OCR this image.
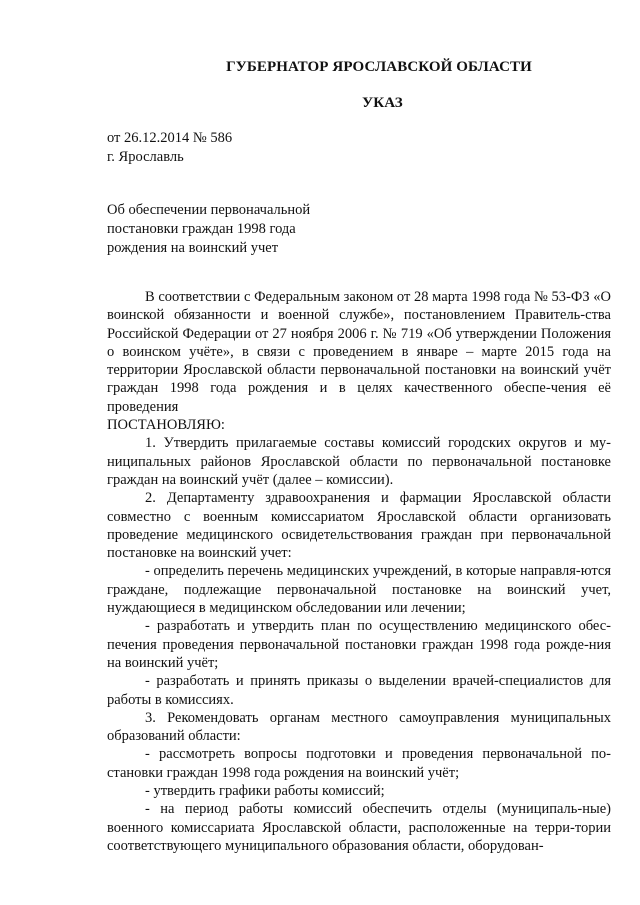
ГУБЕРНАТОР ЯРОСЛАВСКОЙ ОБЛАСТИ
УКАЗ
от 26.12.2014 № 586
г. Ярославль
Об обеспечении первоначальной
постановки граждан 1998 года
рождения на воинский учет

В соответствии с Федеральным законом от 28 марта 1998 года № 53-ФЗ «О воинской обязанности и военной службе», постановлением Правитель-ства Российской Федерации от 27 ноября 2006 г. № 719 «Об утверждении Положения о воинском учёте», в связи с проведением в январе – марте 2015 года на территории Ярославской области первоначальной постановки на воинский учёт граждан 1998 года рождения и в целях качественного обеспе-чения её проведения

ПОСТАНОВЛЯЮ:

1. Утвердить прилагаемые составы комиссий городских округов и му-ниципальных районов Ярославской области по первоначальной постановке граждан на воинский учёт (далее – комиссии).

2. Департаменту здравоохранения и фармации Ярославской области совместно с военным комиссариатом Ярославской области организовать проведение медицинского освидетельствования граждан при первоначальной постановке на воинский учет:

- определить перечень медицинских учреждений, в которые направля-ются граждане, подлежащие первоначальной постановке на воинский учет, нуждающиеся в медицинском обследовании или лечении;

- разработать и утвердить план по осуществлению медицинского обес-печения проведения первоначальной постановки граждан 1998 года рожде-ния на воинский учёт;

- разработать и принять приказы о выделении врачей-специалистов для работы в комиссиях.

3. Рекомендовать органам местного самоуправления муниципальных образований области:

- рассмотреть вопросы подготовки и проведения первоначальной по-становки граждан 1998 года рождения на воинский учёт;

- утвердить графики работы комиссий;

- на период работы комиссий обеспечить отделы (муниципаль-ные) военного комиссариата Ярославской области, расположенные на терри-тории соответствующего муниципального образования области, оборудован-
